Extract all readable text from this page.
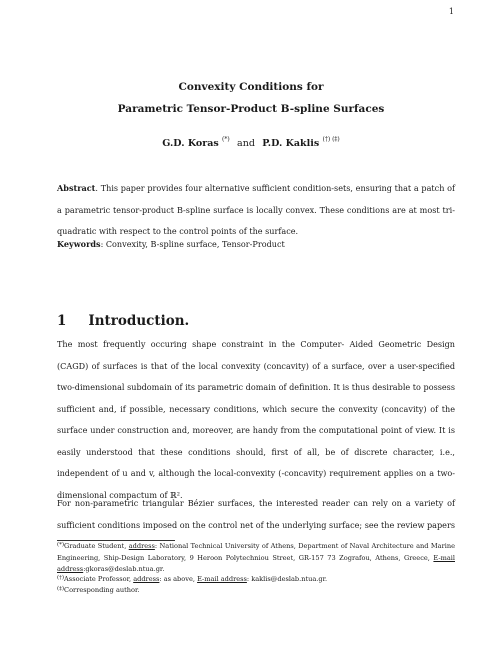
1
Convexity Conditions for
Parametric Tensor-Product B-spline Surfaces
G.D. Koras (*) and P.D. Kaklis (†) (‡)
Abstract. This paper provides four alternative sufficient condition-sets, ensuring that a patch of a parametric tensor-product B-spline surface is locally convex. These conditions are at most tri-quadratic with respect to the control points of the surface.
Keywords: Convexity, B-spline surface, Tensor-Product
1 Introduction.
The most frequently occuring shape constraint in the Computer- Aided Geometric Design (CAGD) of surfaces is that of the local convexity (concavity) of a surface, over a user-specified two-dimensional subdomain of its parametric domain of definition. It is thus desirable to possess sufficient and, if possible, necessary conditions, which secure the convexity (concavity) of the surface under construction and, moreover, are handy from the computational point of view. It is easily understood that these conditions should, first of all, be of discrete character, i.e., independent of u and v, although the local-convexity (-concavity) requirement applies on a two-dimensional compactum of ℝ².
For non-parametric triangular Bézier surfaces, the interested reader can rely on a variety of sufficient conditions imposed on the control net of the underlying surface; see the review papers
(*)Graduate Student, address: National Technical University of Athens, Department of Naval Architecture and Marine Engineering, Ship-Design Laboratory, 9 Heroon Polytechniou Street, GR-157 73 Zografou, Athens, Greece, E-mail address:gkoras@deslab.ntua.gr.
(†)Associate Professor, address: as above, E-mail address: kaklis@deslab.ntua.gr.
(‡)Corresponding author.
